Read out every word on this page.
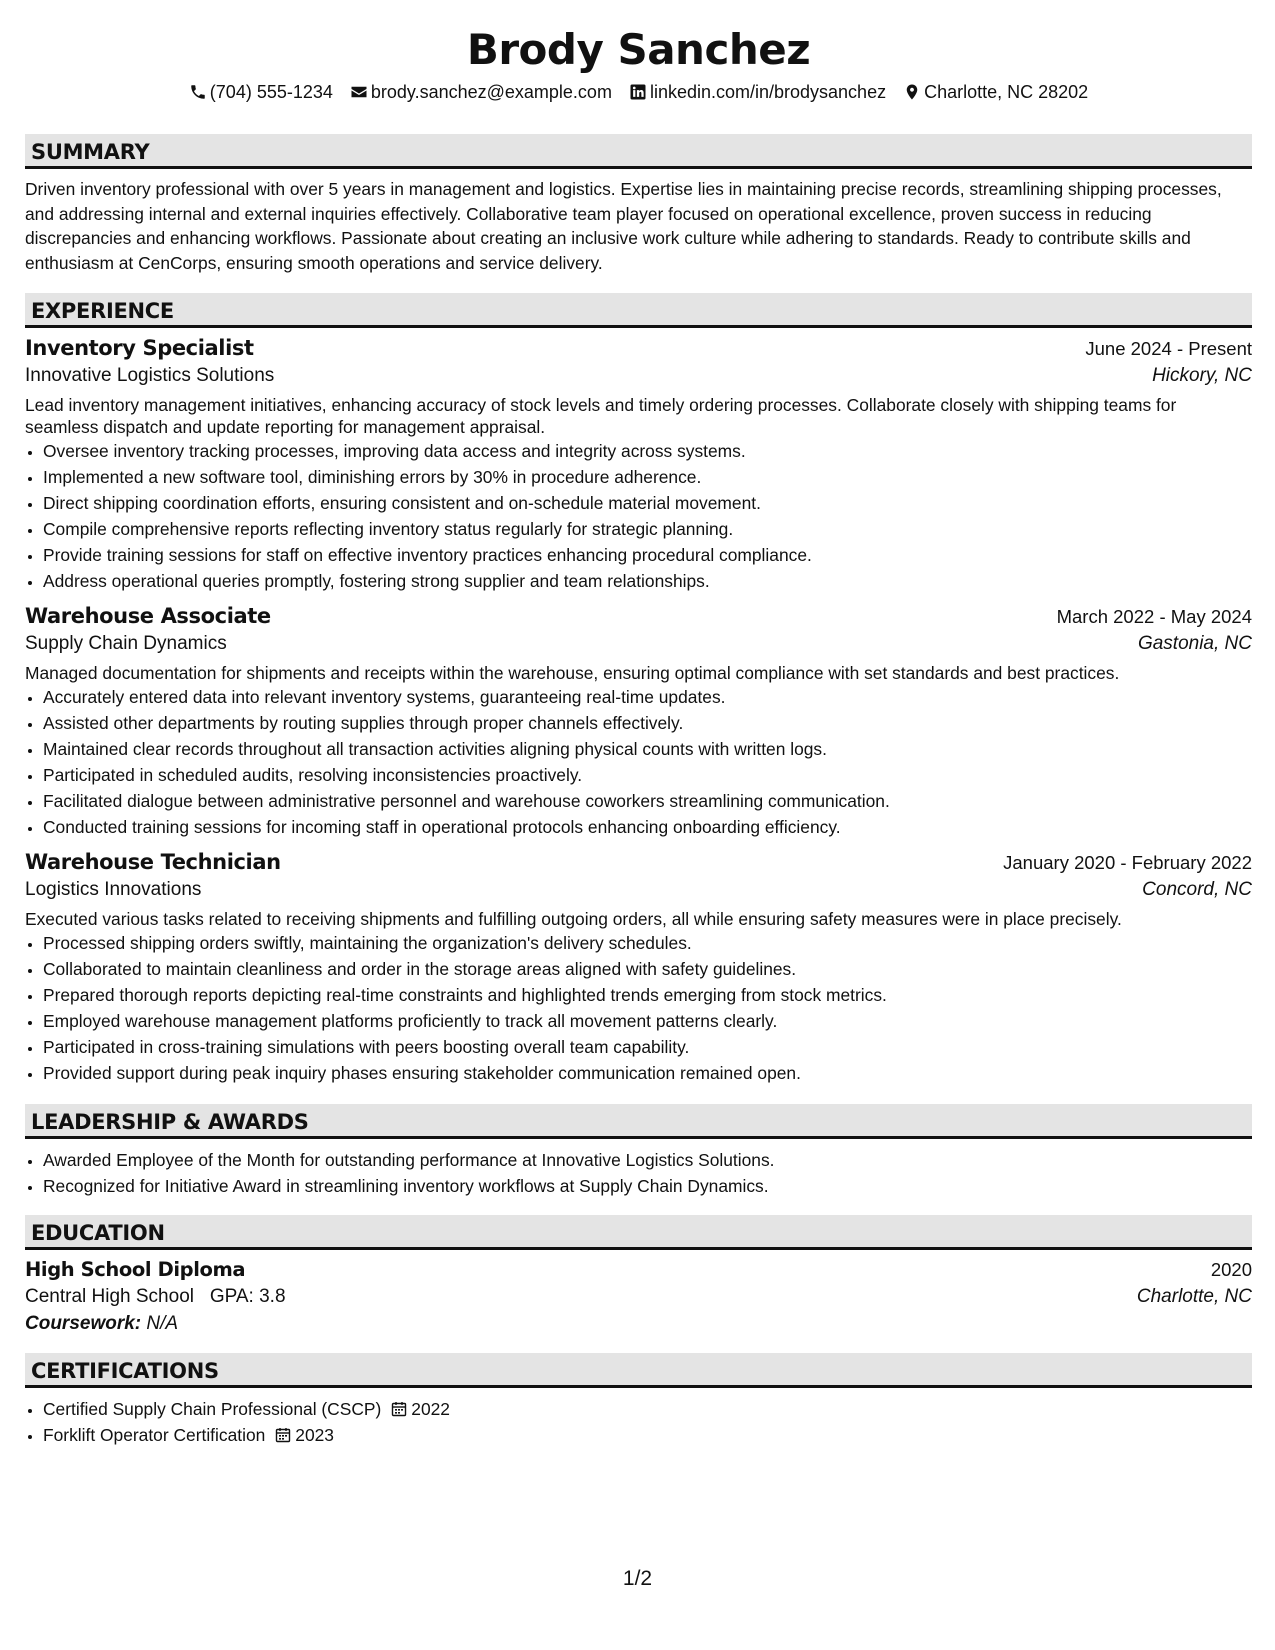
Brody Sanchez
(704) 555-1234 brody.sanchez@example.com linkedin.com/in/brodysanchez Charlotte, NC 28202
SUMMARY
Driven inventory professional with over 5 years in management and logistics. Expertise lies in maintaining precise records, streamlining shipping processes, and addressing internal and external inquiries effectively. Collaborative team player focused on operational excellence, proven success in reducing discrepancies and enhancing workflows. Passionate about creating an inclusive work culture while adhering to standards. Ready to contribute skills and enthusiasm at CenCorps, ensuring smooth operations and service delivery.
EXPERIENCE
Inventory Specialist	June 2024 - Present
Innovative Logistics Solutions	Hickory, NC
Lead inventory management initiatives, enhancing accuracy of stock levels and timely ordering processes. Collaborate closely with shipping teams for seamless dispatch and update reporting for management appraisal.
• Oversee inventory tracking processes, improving data access and integrity across systems.
• Implemented a new software tool, diminishing errors by 30% in procedure adherence.
• Direct shipping coordination efforts, ensuring consistent and on-schedule material movement.
• Compile comprehensive reports reflecting inventory status regularly for strategic planning.
• Provide training sessions for staff on effective inventory practices enhancing procedural compliance.
• Address operational queries promptly, fostering strong supplier and team relationships.
Warehouse Associate	March 2022 - May 2024
Supply Chain Dynamics	Gastonia, NC
Managed documentation for shipments and receipts within the warehouse, ensuring optimal compliance with set standards and best practices.
• Accurately entered data into relevant inventory systems, guaranteeing real-time updates.
• Assisted other departments by routing supplies through proper channels effectively.
• Maintained clear records throughout all transaction activities aligning physical counts with written logs.
• Participated in scheduled audits, resolving inconsistencies proactively.
• Facilitated dialogue between administrative personnel and warehouse coworkers streamlining communication.
• Conducted training sessions for incoming staff in operational protocols enhancing onboarding efficiency.
Warehouse Technician	January 2020 - February 2022
Logistics Innovations	Concord, NC
Executed various tasks related to receiving shipments and fulfilling outgoing orders, all while ensuring safety measures were in place precisely.
• Processed shipping orders swiftly, maintaining the organization's delivery schedules.
• Collaborated to maintain cleanliness and order in the storage areas aligned with safety guidelines.
• Prepared thorough reports depicting real-time constraints and highlighted trends emerging from stock metrics.
• Employed warehouse management platforms proficiently to track all movement patterns clearly.
• Participated in cross-training simulations with peers boosting overall team capability.
• Provided support during peak inquiry phases ensuring stakeholder communication remained open.
LEADERSHIP & AWARDS
• Awarded Employee of the Month for outstanding performance at Innovative Logistics Solutions.
• Recognized for Initiative Award in streamlining inventory workflows at Supply Chain Dynamics.
EDUCATION
High School Diploma	2020
Central High School GPA: 3.8	Charlotte, NC
Coursework: N/A
CERTIFICATIONS
• Certified Supply Chain Professional (CSCP) 2022
• Forklift Operator Certification 2023
1/2
